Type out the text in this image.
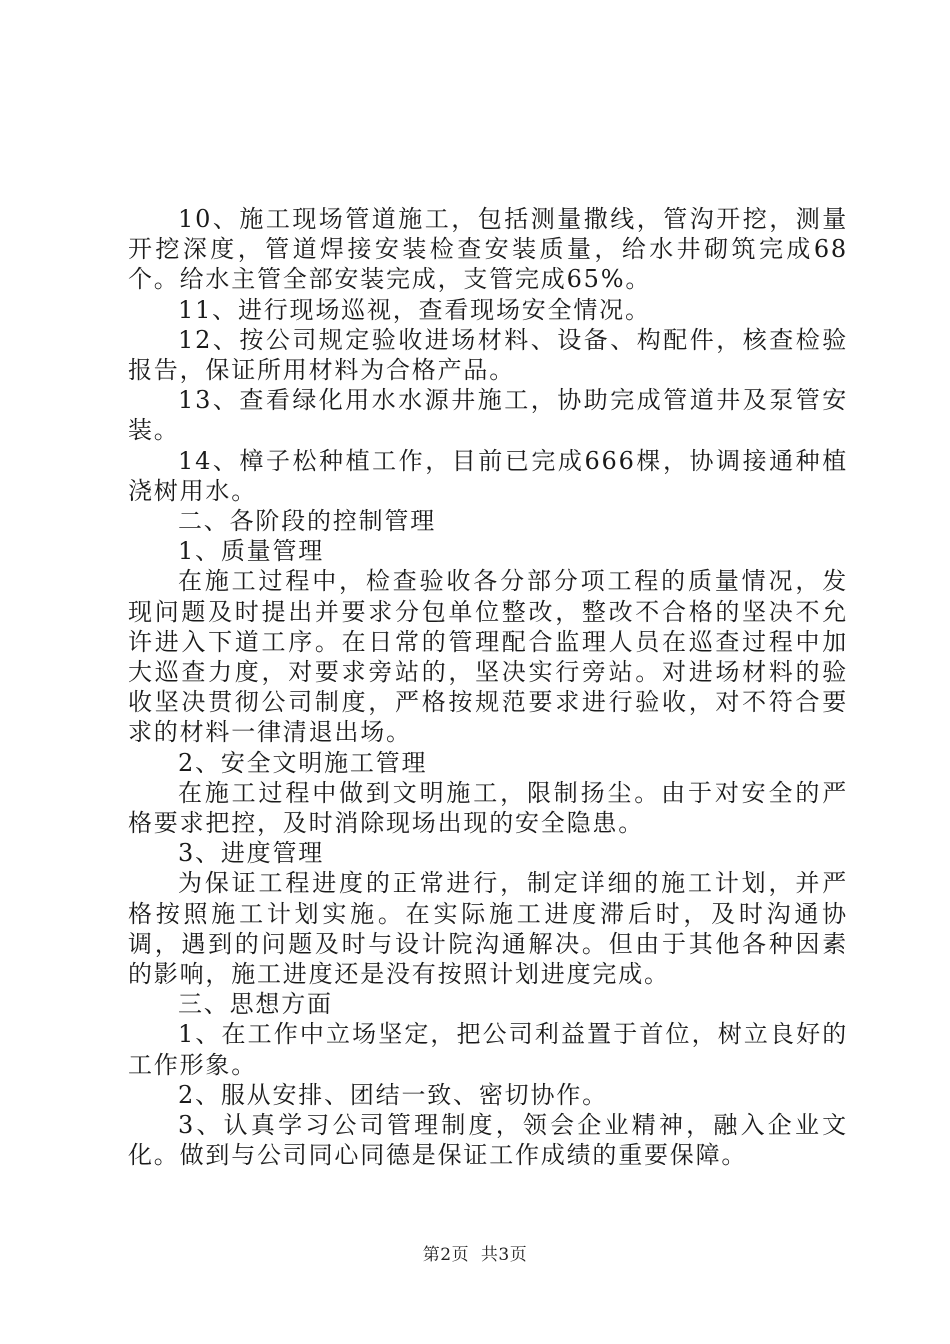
10、施工现场管道施工，包括测量撒线，管沟开挖，测量开挖深度，管道焊接安装检查安装质量，给水井砌筑完成68个。给水主管全部安装完成，支管完成65%。

11、进行现场巡视，查看现场安全情况。

12、按公司规定验收进场材料、设备、构配件，核查检验报告，保证所用材料为合格产品。

13、查看绿化用水水源井施工，协助完成管道井及泵管安装。

14、樟子松种植工作，目前已完成666棵，协调接通种植浇树用水。

二、各阶段的控制管理

1、质量管理

在施工过程中，检查验收各分部分项工程的质量情况，发现问题及时提出并要求分包单位整改，整改不合格的坚决不允许进入下道工序。在日常的管理配合监理人员在巡查过程中加大巡查力度，对要求旁站的，坚决实行旁站。对进场材料的验收坚决贯彻公司制度，严格按规范要求进行验收，对不符合要求的材料一律清退出场。

2、安全文明施工管理

在施工过程中做到文明施工，限制扬尘。由于对安全的严格要求把控，及时消除现场出现的安全隐患。

3、进度管理

为保证工程进度的正常进行，制定详细的施工计划，并严格按照施工计划实施。在实际施工进度滞后时，及时沟通协调，遇到的问题及时与设计院沟通解决。但由于其他各种因素的影响，施工进度还是没有按照计划进度完成。

三、思想方面

1、在工作中立场坚定，把公司利益置于首位，树立良好的工作形象。

2、服从安排、团结一致、密切协作。

3、认真学习公司管理制度，领会企业精神，融入企业文化。做到与公司同心同德是保证工作成绩的重要保障。

第2页  共3页
